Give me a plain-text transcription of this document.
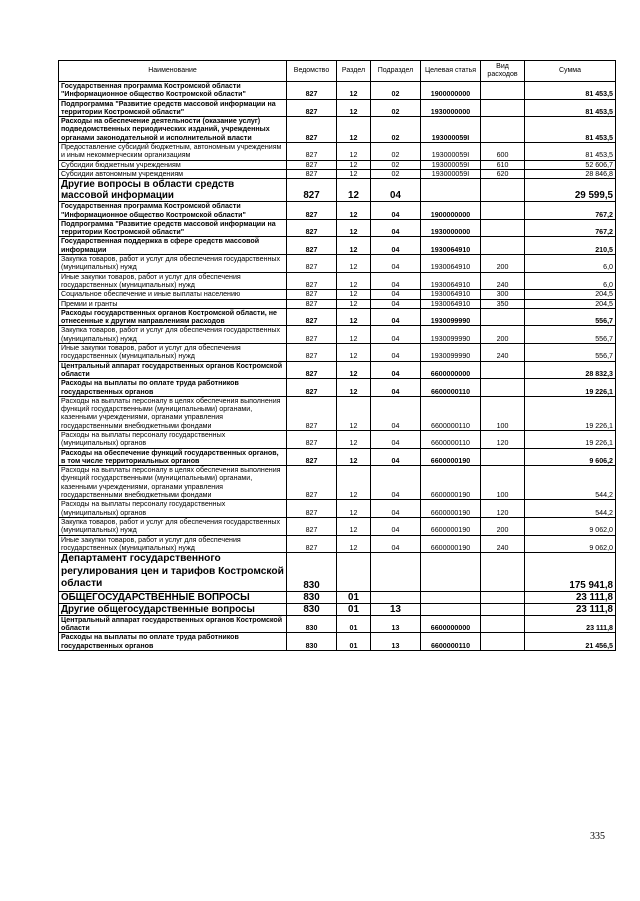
Наименование	Ведомство	Раздел	Подраздел	Целевая статья	Вид расходов	Сумма
Государственная программа Костромской области "Информационное общество Костромской области"	827	12	02	1900000000		81 453,5
Подпрограмма "Развитие средств массовой информации на территории Костромской области"	827	12	02	1930000000		81 453,5
Расходы на обеспечение деятельности (оказание услуг) подведомственных периодических изданий, учрежденных органами законодательной и исполнительной власти	827	12	02	193000059I		81 453,5
Предоставление субсидий бюджетным, автономным учреждениям и иным некоммерческим организациям	827	12	02	193000059I	600	81 453,5
Субсидии бюджетным учреждениям	827	12	02	193000059I	610	52 606,7
Субсидии автономным учреждениям	827	12	02	193000059I	620	28 846,8
Другие вопросы в области средств массовой информации	827	12	04			29 599,5
Государственная программа Костромской области "Информационное общество Костромской области"	827	12	04	1900000000		767,2
Подпрограмма "Развитие средств массовой информации на территории Костромской области"	827	12	04	1930000000		767,2
Государственная поддержка в сфере средств массовой информации	827	12	04	1930064910		210,5
Закупка товаров, работ и услуг для обеспечения государственных (муниципальных) нужд	827	12	04	1930064910	200	6,0
Иные закупки товаров, работ и услуг для обеспечения государственных (муниципальных) нужд	827	12	04	1930064910	240	6,0
Социальное обеспечение и иные выплаты населению	827	12	04	1930064910	300	204,5
Премии и гранты	827	12	04	1930064910	350	204,5
Расходы государственных органов Костромской области, не отнесенные к другим направлениям расходов	827	12	04	1930099990		556,7
Закупка товаров, работ и услуг для обеспечения государственных (муниципальных) нужд	827	12	04	1930099990	200	556,7
Иные закупки товаров, работ и услуг для обеспечения государственных (муниципальных) нужд	827	12	04	1930099990	240	556,7
Центральный аппарат государственных органов Костромской области	827	12	04	6600000000		28 832,3
Расходы на выплаты по оплате труда работников государственных органов	827	12	04	6600000110		19 226,1
Расходы на выплаты персоналу в целях обеспечения выполнения функций государственными (муниципальными) органами, казенными учреждениями, органами управления государственными внебюджетными фондами	827	12	04	6600000110	100	19 226,1
Расходы на выплаты персоналу государственных (муниципальных) органов	827	12	04	6600000110	120	19 226,1
Расходы на обеспечение функций государственных органов, в том числе территориальных органов	827	12	04	6600000190		9 606,2
Расходы на выплаты персоналу в целях обеспечения выполнения функций государственными (муниципальными) органами, казенными учреждениями, органами управления государственными внебюджетными фондами	827	12	04	6600000190	100	544,2
Расходы на выплаты персоналу государственных (муниципальных) органов	827	12	04	6600000190	120	544,2
Закупка товаров, работ и услуг для обеспечения государственных (муниципальных) нужд	827	12	04	6600000190	200	9 062,0
Иные закупки товаров, работ и услуг для обеспечения государственных (муниципальных) нужд	827	12	04	6600000190	240	9 062,0
Департамент государственного регулирования цен и тарифов Костромской области	830					175 941,8
ОБЩЕГОСУДАРСТВЕННЫЕ ВОПРОСЫ	830	01				23 111,8
Другие общегосударственные вопросы	830	01	13			23 111,8
Центральный аппарат государственных органов Костромской области	830	01	13	6600000000		23 111,8
Расходы на выплаты по оплате труда работников государственных органов	830	01	13	6600000110		21 456,5
335
